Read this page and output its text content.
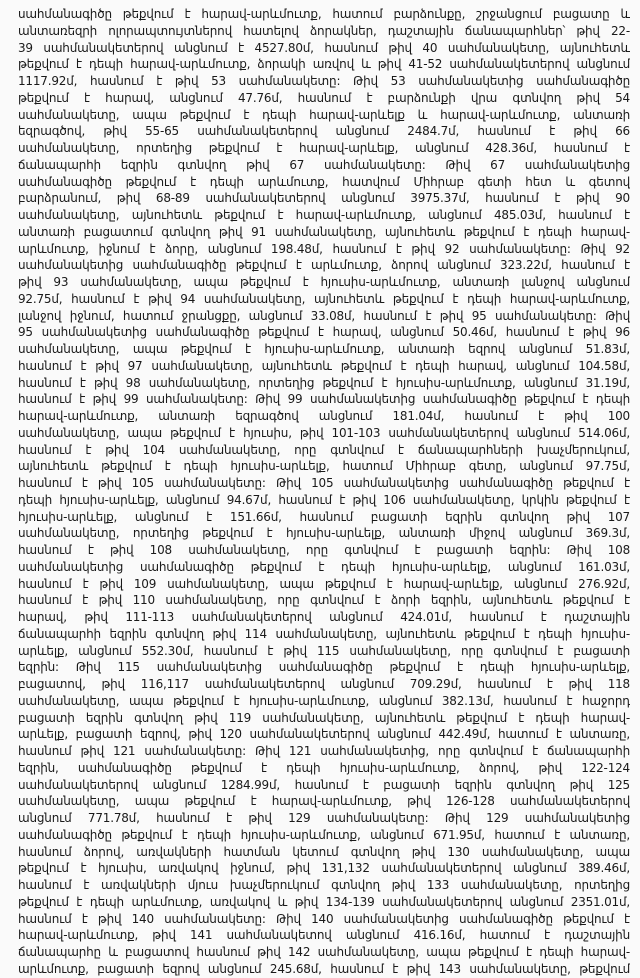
սահմանագիծը թեքվում է հարավ-արևմուտք, հատում բարձունքը, շրջանցում բացատը և
անտառեզրի ոլորապտույտներով հատելով ձորակներ, դաշտային ճանապարհներ՝ թիվ 22-
39 սահմանակետերով անցնում է 4527.80մ, հասնում թիվ 40 սահմանակետը, այնուհետև
թեքվում է դեպի հարավ-արևմուտք, ձորակի առվով և թիվ 41-52 սահմանակետերով անցնում
1117.92մ, հասնում է թիվ 53 սահմանակետը: Թիվ 53 սահմանակետից սահմանագիծը
թեքվում է հարավ, անցնում 47.76մ, հասնում է բարձունքի վրա գտնվող թիվ 54
սահմանակետը, ապա թեքվում է դեպի հարավ-արևելք և հարավ-արևմուտք, անտառի
եզրագծով, թիվ 55-65 սահմանակետերով անցնում 2484.7մ, հասնում է թիվ 66
սահմանակետը, որտեղից թեքվում է հարավ-արևելք, անցնում 428.36մ, հասնում է
ճանապարհի եզրին գտնվող թիվ 67 սահմանակետը: Թիվ 67 սահմանակետից
սահմանագիծը թեքվում է դեպի արևմուտք, հատվում Միհրաբ գետի հետ և գետով
բարձրանում, թիվ 68-89 սահմանակետերով անցնում 3975.37մ, հասնում է թիվ 90
սահմանակետը, այնուհետև թեքվում է հարավ-արևմուտք, անցնում 485.03մ, հասնում է
անտառի բացատում գտնվող թիվ 91 սահմանակետը, այնուհետև թեքվում է դեպի հարավ-
արևմուտք, իջնում է ձորը, անցնում 198.48մ, հասնում է թիվ 92 սահմանակետը: Թիվ 92
սահմանակետից սահմանագիծը թեքվում է արևմուտք, ձորով անցնում 323.22մ, հասնում է
թիվ 93 սահմանակետը, ապա թեքվում է հյուսիս-արևմուտք, անտառի լանջով անցնում
92.75մ, հասնում է թիվ 94 սահմանակետը, այնուհետև թեքվում է դեպի հարավ-արևմուտք,
լանջով իջնում, հատում ջրանցքը, անցնում 33.08մ, հասնում է թիվ 95 սահմանակետը: Թիվ
95 սահմանակետից սահմանագիծը թեքվում է հարավ, անցնում 50.46մ, հասնում է թիվ 96
սահմանակետը, ապա թեքվում է հյուսիս-արևմուտք, անտառի եզրով անցնում 51.83մ,
հասնում է թիվ 97 սահմանակետը, այնուհետև թեքվում է դեպի հարավ, անցնում 104.58մ,
հասնում է թիվ 98 սահմանակետը, որտեղից թեքվում է հյուսիս-արևմուտք, անցնում 31.19մ,
հասնում է թիվ 99 սահմանակետը: Թիվ 99 սահմանակետից սահմանագիծը թեքվում է դեպի
հարավ-արևմուտք, անտառի եզրագծով անցնում 181.04մ, հասնում է թիվ 100
սահմանակետը, ապա թեքվում է հյուսիս, թիվ 101-103 սահմանակետերով անցնում 514.06մ,
հասնում է թիվ 104 սահմանակետը, որը գտնվում է ճանապարհների խաչմերուկում,
այնուհետև թեքվում է դեպի հյուսիս-արևելք, հատում Միհրաբ գետը, անցնում 97.75մ,
հասնում է թիվ 105 սահմանակետը: Թիվ 105 սահմանակետից սահմանագիծը թեքվում է
դեպի հյուսիս-արևելք, անցնում 94.67մ, հասնում է թիվ 106 սահմանակետը, կրկին թեքվում է
հյուսիս-արևելք, անցնում է 151.66մ, հասնում բացատի եզրին գտնվող թիվ 107
սահմանակետը, որտեղից թեքվում է հյուսիս-արևելք, անտառի միջով անցնում 369.3մ,
հասնում է թիվ 108 սահմանակետը, որը գտնվում է բացատի եզրին: Թիվ 108
սահմանակետից սահմանագիծը թեքվում է դեպի հյուսիս-արևելք, անցնում 161.03մ,
հասնում է թիվ 109 սահմանակետը, ապա թեքվում է հարավ-արևելք, անցնում 276.92մ,
հասնում է թիվ 110 սահմանակետը, որը գտնվում է ձորի եզրին, այնուհետև թեքվում է
հարավ, թիվ 111-113 սահմանակետերով անցնում 424.01մ, հասնում է դաշտային
ճանապարհի եզրին գտնվող թիվ 114 սահմանակետը, այնուհետև թեքվում է դեպի հյուսիս-
արևելք, անցնում 552.30մ, հասնում է թիվ 115 սահմանակետը, որը գտնվում է բացատի
եզրին: Թիվ 115 սահմանակետից սահմանագիծը թեքվում է դեպի հյուսիս-արևելք,
բացատով, թիվ 116,117 սահմանակետերով անցնում 709.29մ, հասնում է թիվ 118
սահմանակետը, ապա թեքվում է հյուսիս-արևմուտք, անցնում 382.13մ, հասնում է հաջորդ
բացատի եզրին գտնվող թիվ 119 սահմանակետը, այնուհետև թեքվում է դեպի հարավ-
արևելք, բացատի եզրով, թիվ 120 սահմանակետերով անցնում 442.49մ, հատում է անտառը,
հասնում թիվ 121 սահմանակետը: Թիվ 121 սահմանակետից, որը գտնվում է ճանապարհի
եզրին, սահմանագիծը թեքվում է դեպի հյուսիս-արևմուտք, ձորով, թիվ 122-124
սահմանակետերով անցնում 1284.99մ, հասնում է բացատի եզրին գտնվող թիվ 125
սահմանակետը, ապա թեքվում է հարավ-արևմուտք, թիվ 126-128 սահմանակետերով
անցնում 771.78մ, հասնում է թիվ 129 սահմանակետը: Թիվ 129 սահմանակետից
սահմանագիծը թեքվում է դեպի հյուսիս-արևմուտք, անցնում 671.95մ, հատում է անտառը,
հասնում ձորով, առվակների հատման կետում գտնվող թիվ 130 սահմանակետը, ապա
թեքվում է հյուսիս, առվակով իջնում, թիվ 131,132 սահմանակետերով անցնում 389.46մ,
հասնում է առվակների մյուս խաչմերուկում գտնվող թիվ 133 սահմանակետը, որտեղից
թեքվում է դեպի արևմուտք, առվակով և թիվ 134-139 սահմանակետերով անցնում 2351.01մ,
հասնում է թիվ 140 սահմանակետը: Թիվ 140 սահմանակետից սահմանագիծը թեքվում է
հարավ-արևմուտք, թիվ 141 սահմանակետով անցնում 416.16մ, հատում է դաշտային
ճանապարհը և բացատով հասնում թիվ 142 սահմանակետը, ապա թեքվում է դեպի հարավ-
արևմուտք, բացատի եզրով անցնում 245.68մ, հասնում է թիվ 143 սահմանակետը, թեքվում
